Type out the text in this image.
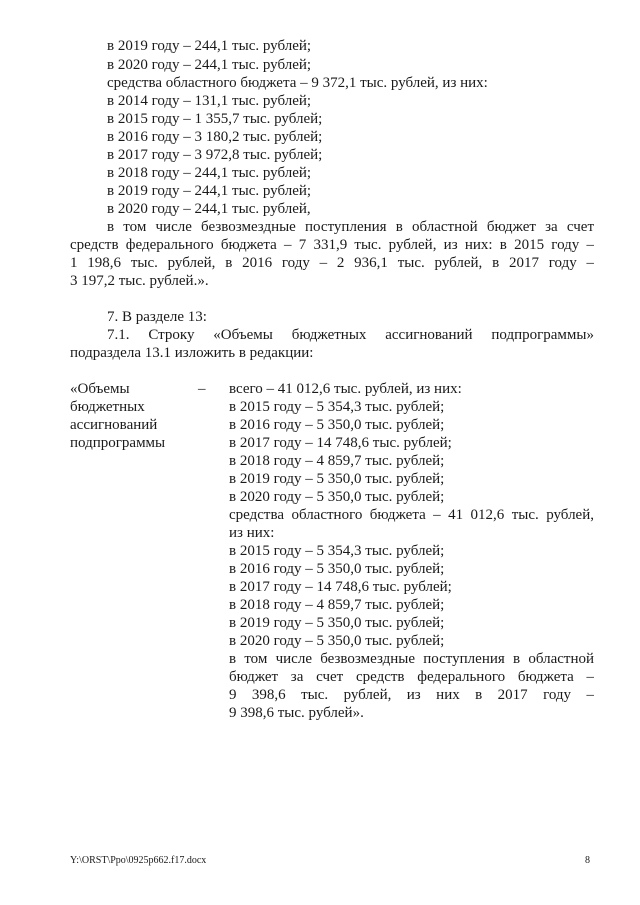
в 2019 году – 244,1 тыс. рублей;
в 2020 году – 244,1 тыс. рублей;
средства областного бюджета – 9 372,1 тыс. рублей, из них:
в 2014 году – 131,1 тыс. рублей;
в 2015 году – 1 355,7 тыс. рублей;
в 2016 году – 3 180,2 тыс. рублей;
в 2017 году – 3 972,8 тыс. рублей;
в 2018 году – 244,1 тыс. рублей;
в 2019 году – 244,1 тыс. рублей;
в 2020 году – 244,1 тыс. рублей,
в том числе безвозмездные поступления в областной бюджет за счет
средств федерального бюджета – 7 331,9 тыс. рублей, из них: в 2015 году –
1 198,6 тыс. рублей, в 2016 году – 2 936,1 тыс. рублей, в 2017 году –
3 197,2 тыс. рублей.».
7. В разделе 13:
7.1. Строку «Объемы бюджетных ассигнований подпрограммы»
подраздела 13.1 изложить в редакции:
«Объемы
бюджетных
ассигнований
подпрограммы
– всего – 41 012,6 тыс. рублей, из них:
в 2015 году – 5 354,3 тыс. рублей;
в 2016 году – 5 350,0 тыс. рублей;
в 2017 году – 14 748,6 тыс. рублей;
в 2018 году – 4 859,7 тыс. рублей;
в 2019 году – 5 350,0 тыс. рублей;
в 2020 году – 5 350,0 тыс. рублей;
средства областного бюджета – 41 012,6 тыс. рублей,
из них:
в 2015 году – 5 354,3 тыс. рублей;
в 2016 году – 5 350,0 тыс. рублей;
в 2017 году – 14 748,6 тыс. рублей;
в 2018 году – 4 859,7 тыс. рублей;
в 2019 году – 5 350,0 тыс. рублей;
в 2020 году – 5 350,0 тыс. рублей;
в том числе безвозмездные поступления в областной
бюджет за счет средств федерального бюджета –
9 398,6 тыс. рублей, из них в 2017 году –
9 398,6 тыс. рублей».
Y:\ORST\Ppo\0925p662.f17.docx	8
